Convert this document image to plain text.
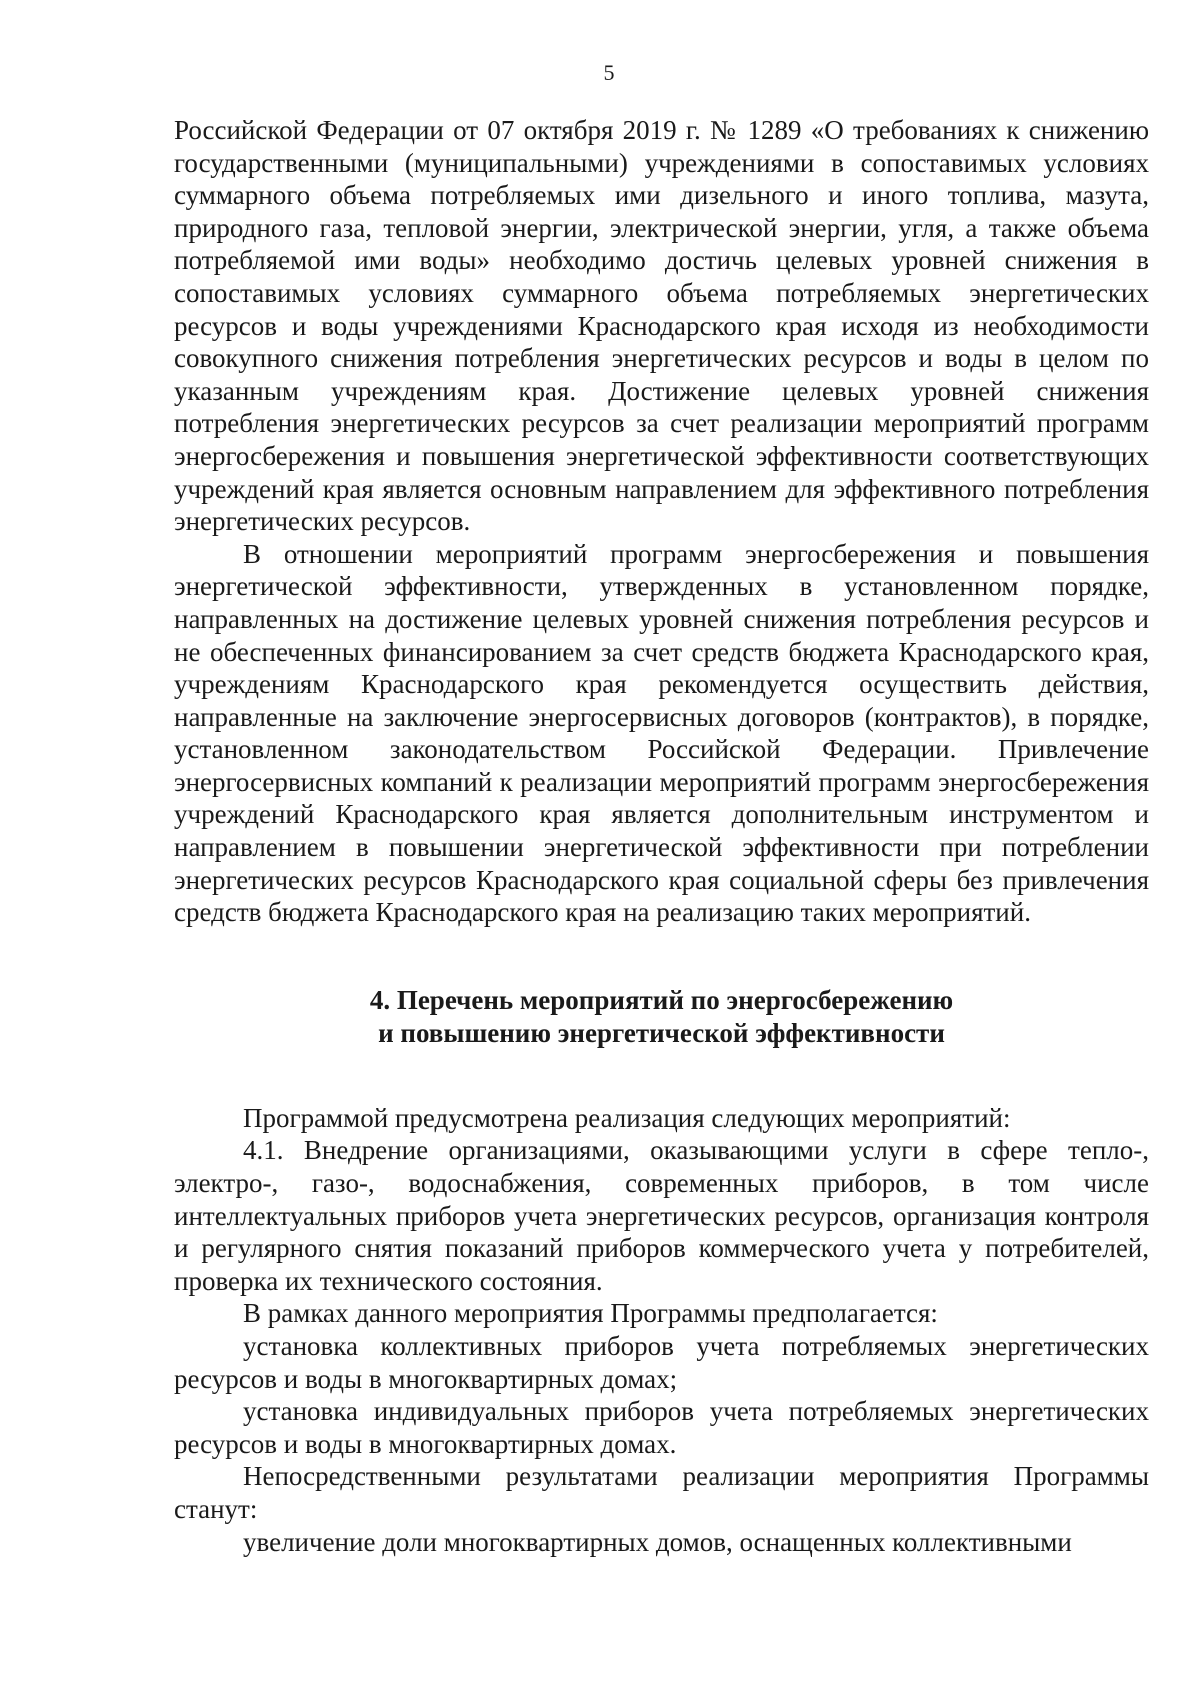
5

Российской Федерации от 07 октября 2019 г. № 1289 «О требованиях к снижению государственными (муниципальными) учреждениями в сопоставимых условиях суммарного объема потребляемых ими дизельного и иного топлива, мазута, природного газа, тепловой энергии, электрической энергии, угля, а также объема потребляемой ими воды» необходимо достичь целевых уровней снижения в сопоставимых условиях суммарного объема потребляемых энергетических ресурсов и воды учреждениями Краснодарского края исходя из необходимости совокупного снижения потребления энергетических ресурсов и воды в целом по указанным учреждениям края. Достижение целевых уровней снижения потребления энергетических ресурсов за счет реализации мероприятий программ энергосбережения и повышения энергетической эффективности соответствующих учреждений края является основным направлением для эффективного потребления энергетических ресурсов.

В отношении мероприятий программ энергосбережения и повышения энергетической эффективности, утвержденных в установленном порядке, направленных на достижение целевых уровней снижения потребления ресурсов и не обеспеченных финансированием за счет средств бюджета Краснодарского края, учреждениям Краснодарского края рекомендуется осуществить действия, направленные на заключение энергосервисных договоров (контрактов), в порядке, установленном законодательством Российской Федерации. Привлечение энергосервисных компаний к реализации мероприятий программ энергосбережения учреждений Краснодарского края является дополнительным инструментом и направлением в повышении энергетической эффективности при потреблении энергетических ресурсов Краснодарского края социальной сферы без привлечения средств бюджета Краснодарского края на реализацию таких мероприятий.

4. Перечень мероприятий по энергосбережению
и повышению энергетической эффективности

Программой предусмотрена реализация следующих мероприятий:

4.1. Внедрение организациями, оказывающими услуги в сфере тепло-, электро-, газо-, водоснабжения, современных приборов, в том числе интеллектуальных приборов учета энергетических ресурсов, организация контроля и регулярного снятия показаний приборов коммерческого учета у потребителей, проверка их технического состояния.

В рамках данного мероприятия Программы предполагается:

установка коллективных приборов учета потребляемых энергетических ресурсов и воды в многоквартирных домах;

установка индивидуальных приборов учета потребляемых энергетических ресурсов и воды в многоквартирных домах.

Непосредственными результатами реализации мероприятия Программы станут:

увеличение доли многоквартирных домов, оснащенных коллективными
